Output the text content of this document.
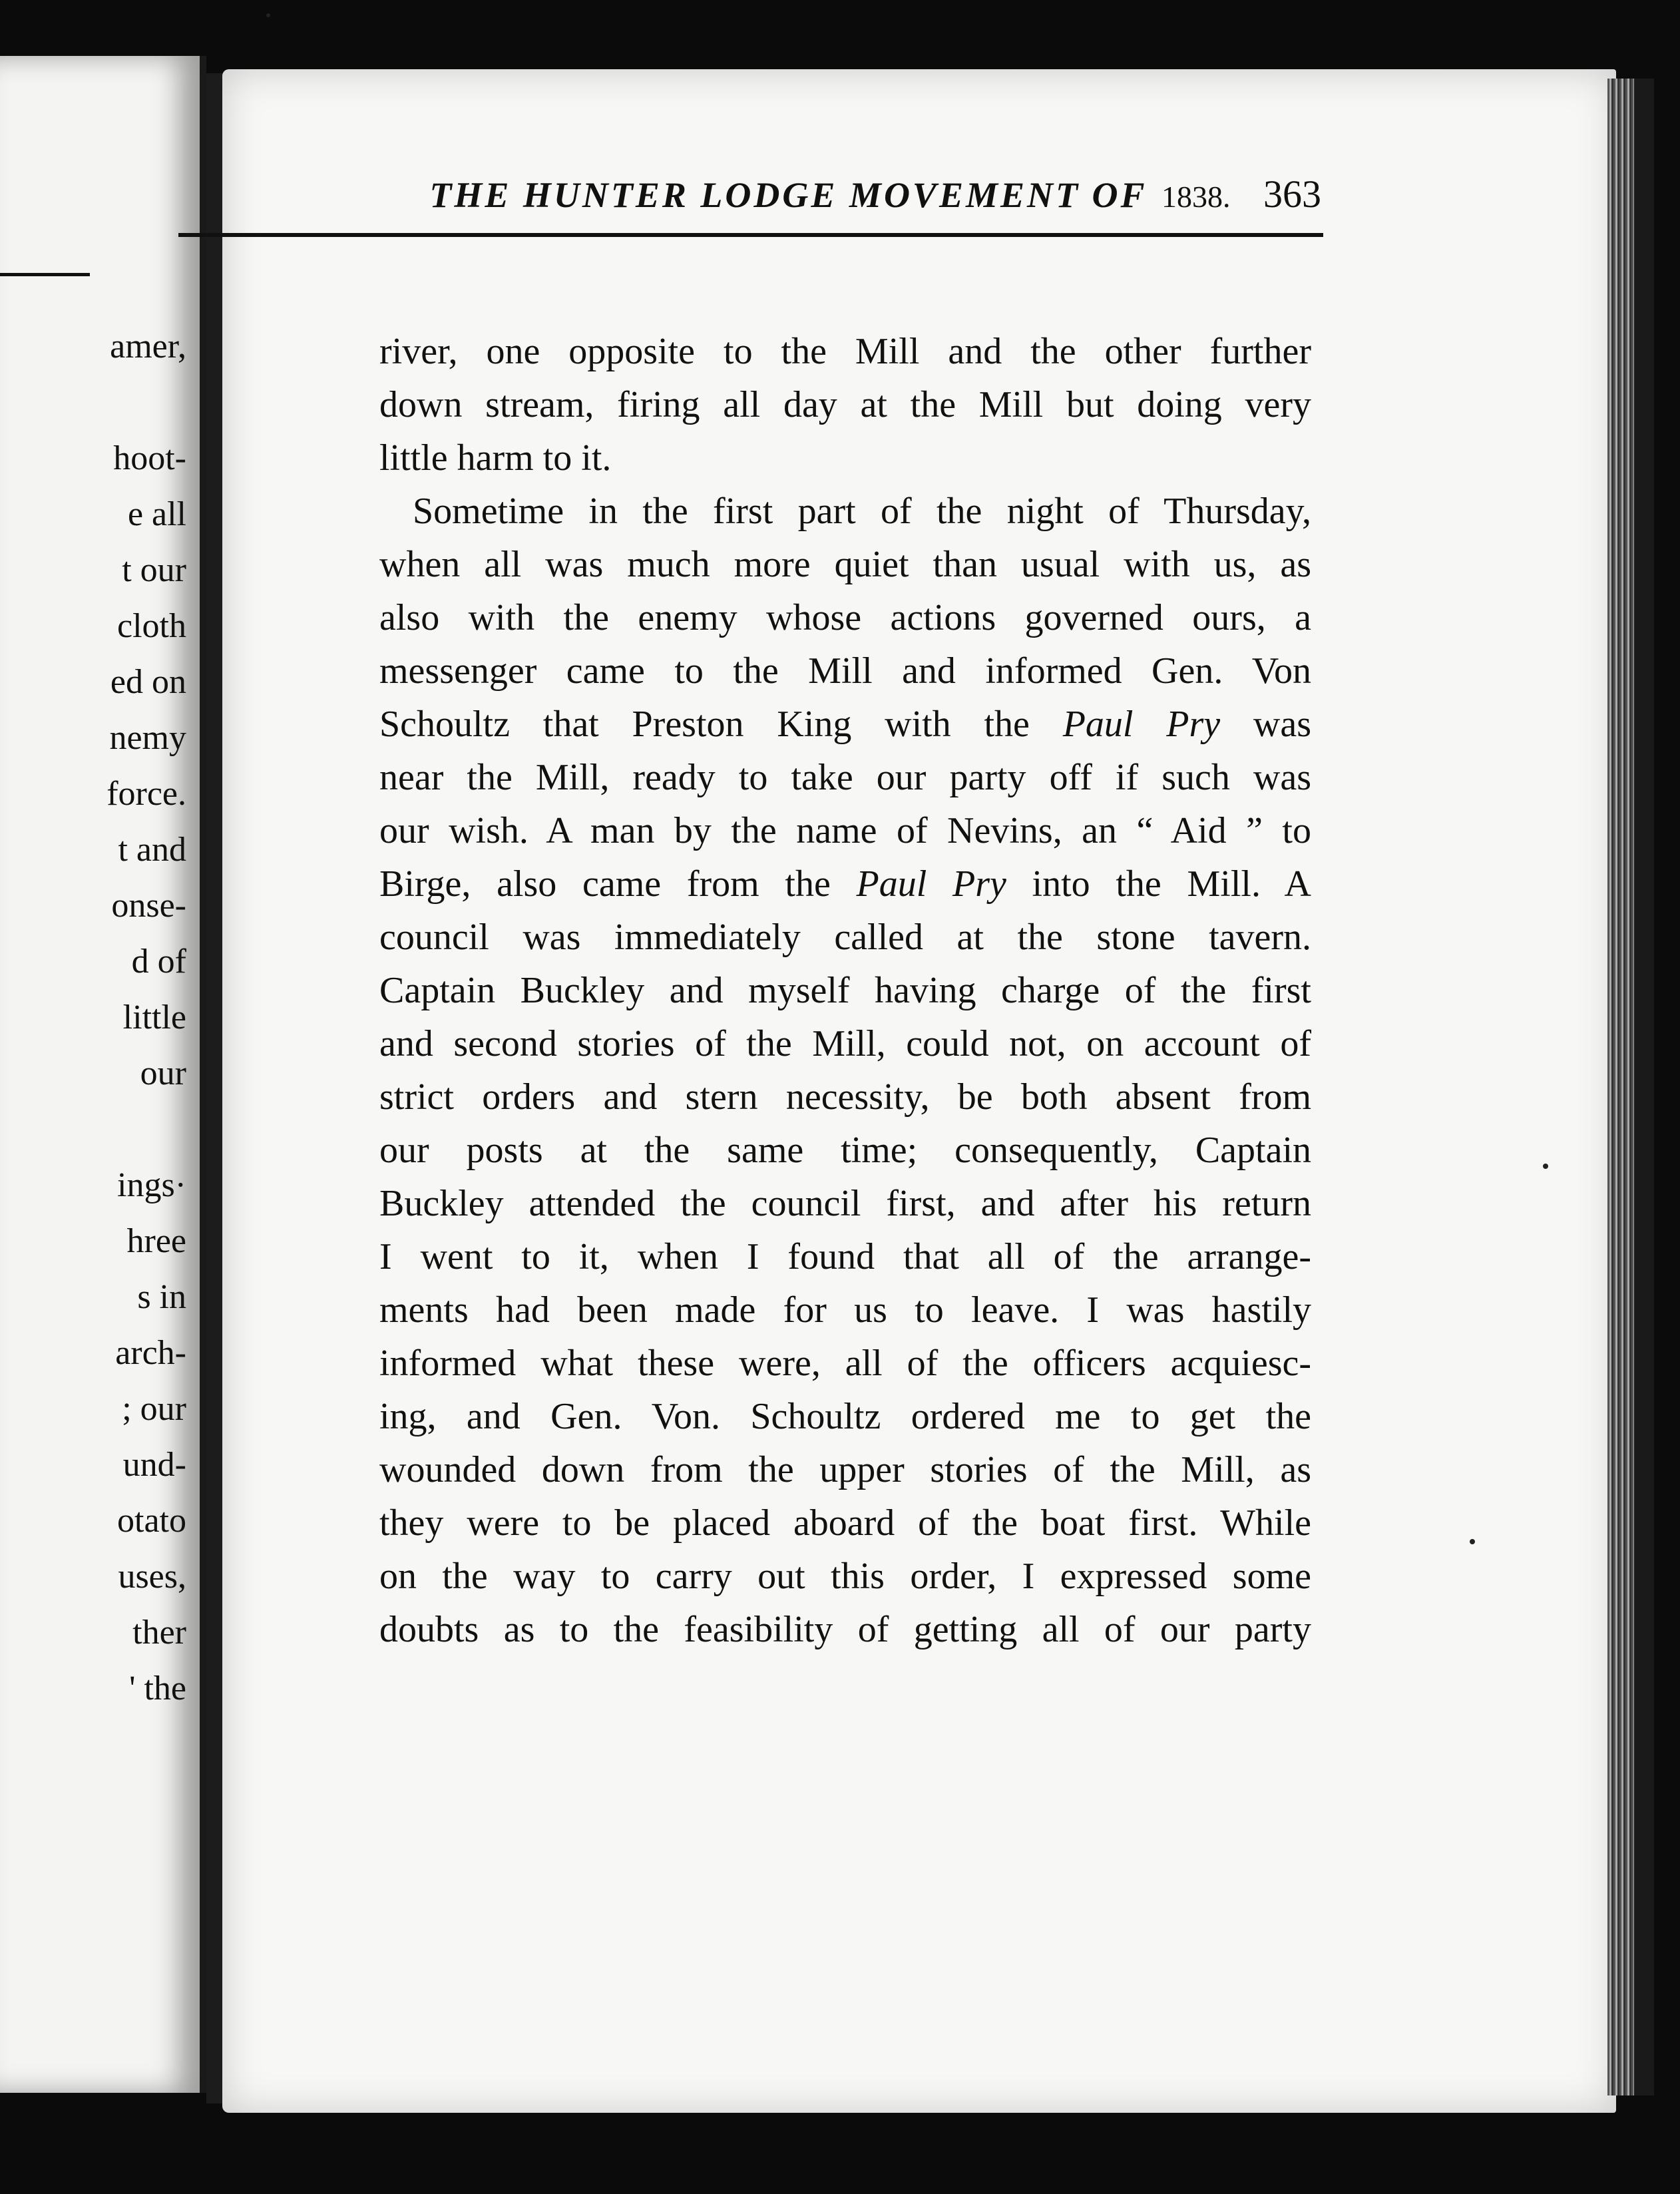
amer,

hoot-
e all
t our
cloth
ed on
nemy
force.
t and
onse-
d of
little
our

ings·
hree
s in
arch-
; our
und-
otato
uses,
ther
' the
THE HUNTER LODGE MOVEMENT OF 1838. 363
river, one opposite to the Mill and the other further
down stream, firing all day at the Mill but doing very
little harm to it.
Sometime in the first part of the night of Thursday,
when all was much more quiet than usual with us, as
also with the enemy whose actions governed ours, a
messenger came to the Mill and informed Gen. Von
Schoultz that Preston King with the Paul Pry was
near the Mill, ready to take our party off if such was
our wish. A man by the name of Nevins, an “ Aid ” to
Birge, also came from the Paul Pry into the Mill. A
council was immediately called at the stone tavern.
Captain Buckley and myself having charge of the first
and second stories of the Mill, could not, on account of
strict orders and stern necessity, be both absent from
our posts at the same time; consequently, Captain
Buckley attended the council first, and after his return
I went to it, when I found that all of the arrange-
ments had been made for us to leave. I was hastily
informed what these were, all of the officers acquiesc-
ing, and Gen. Von. Schoultz ordered me to get the
wounded down from the upper stories of the Mill, as
they were to be placed aboard of the boat first. While
on the way to carry out this order, I expressed some
doubts as to the feasibility of getting all of our party
